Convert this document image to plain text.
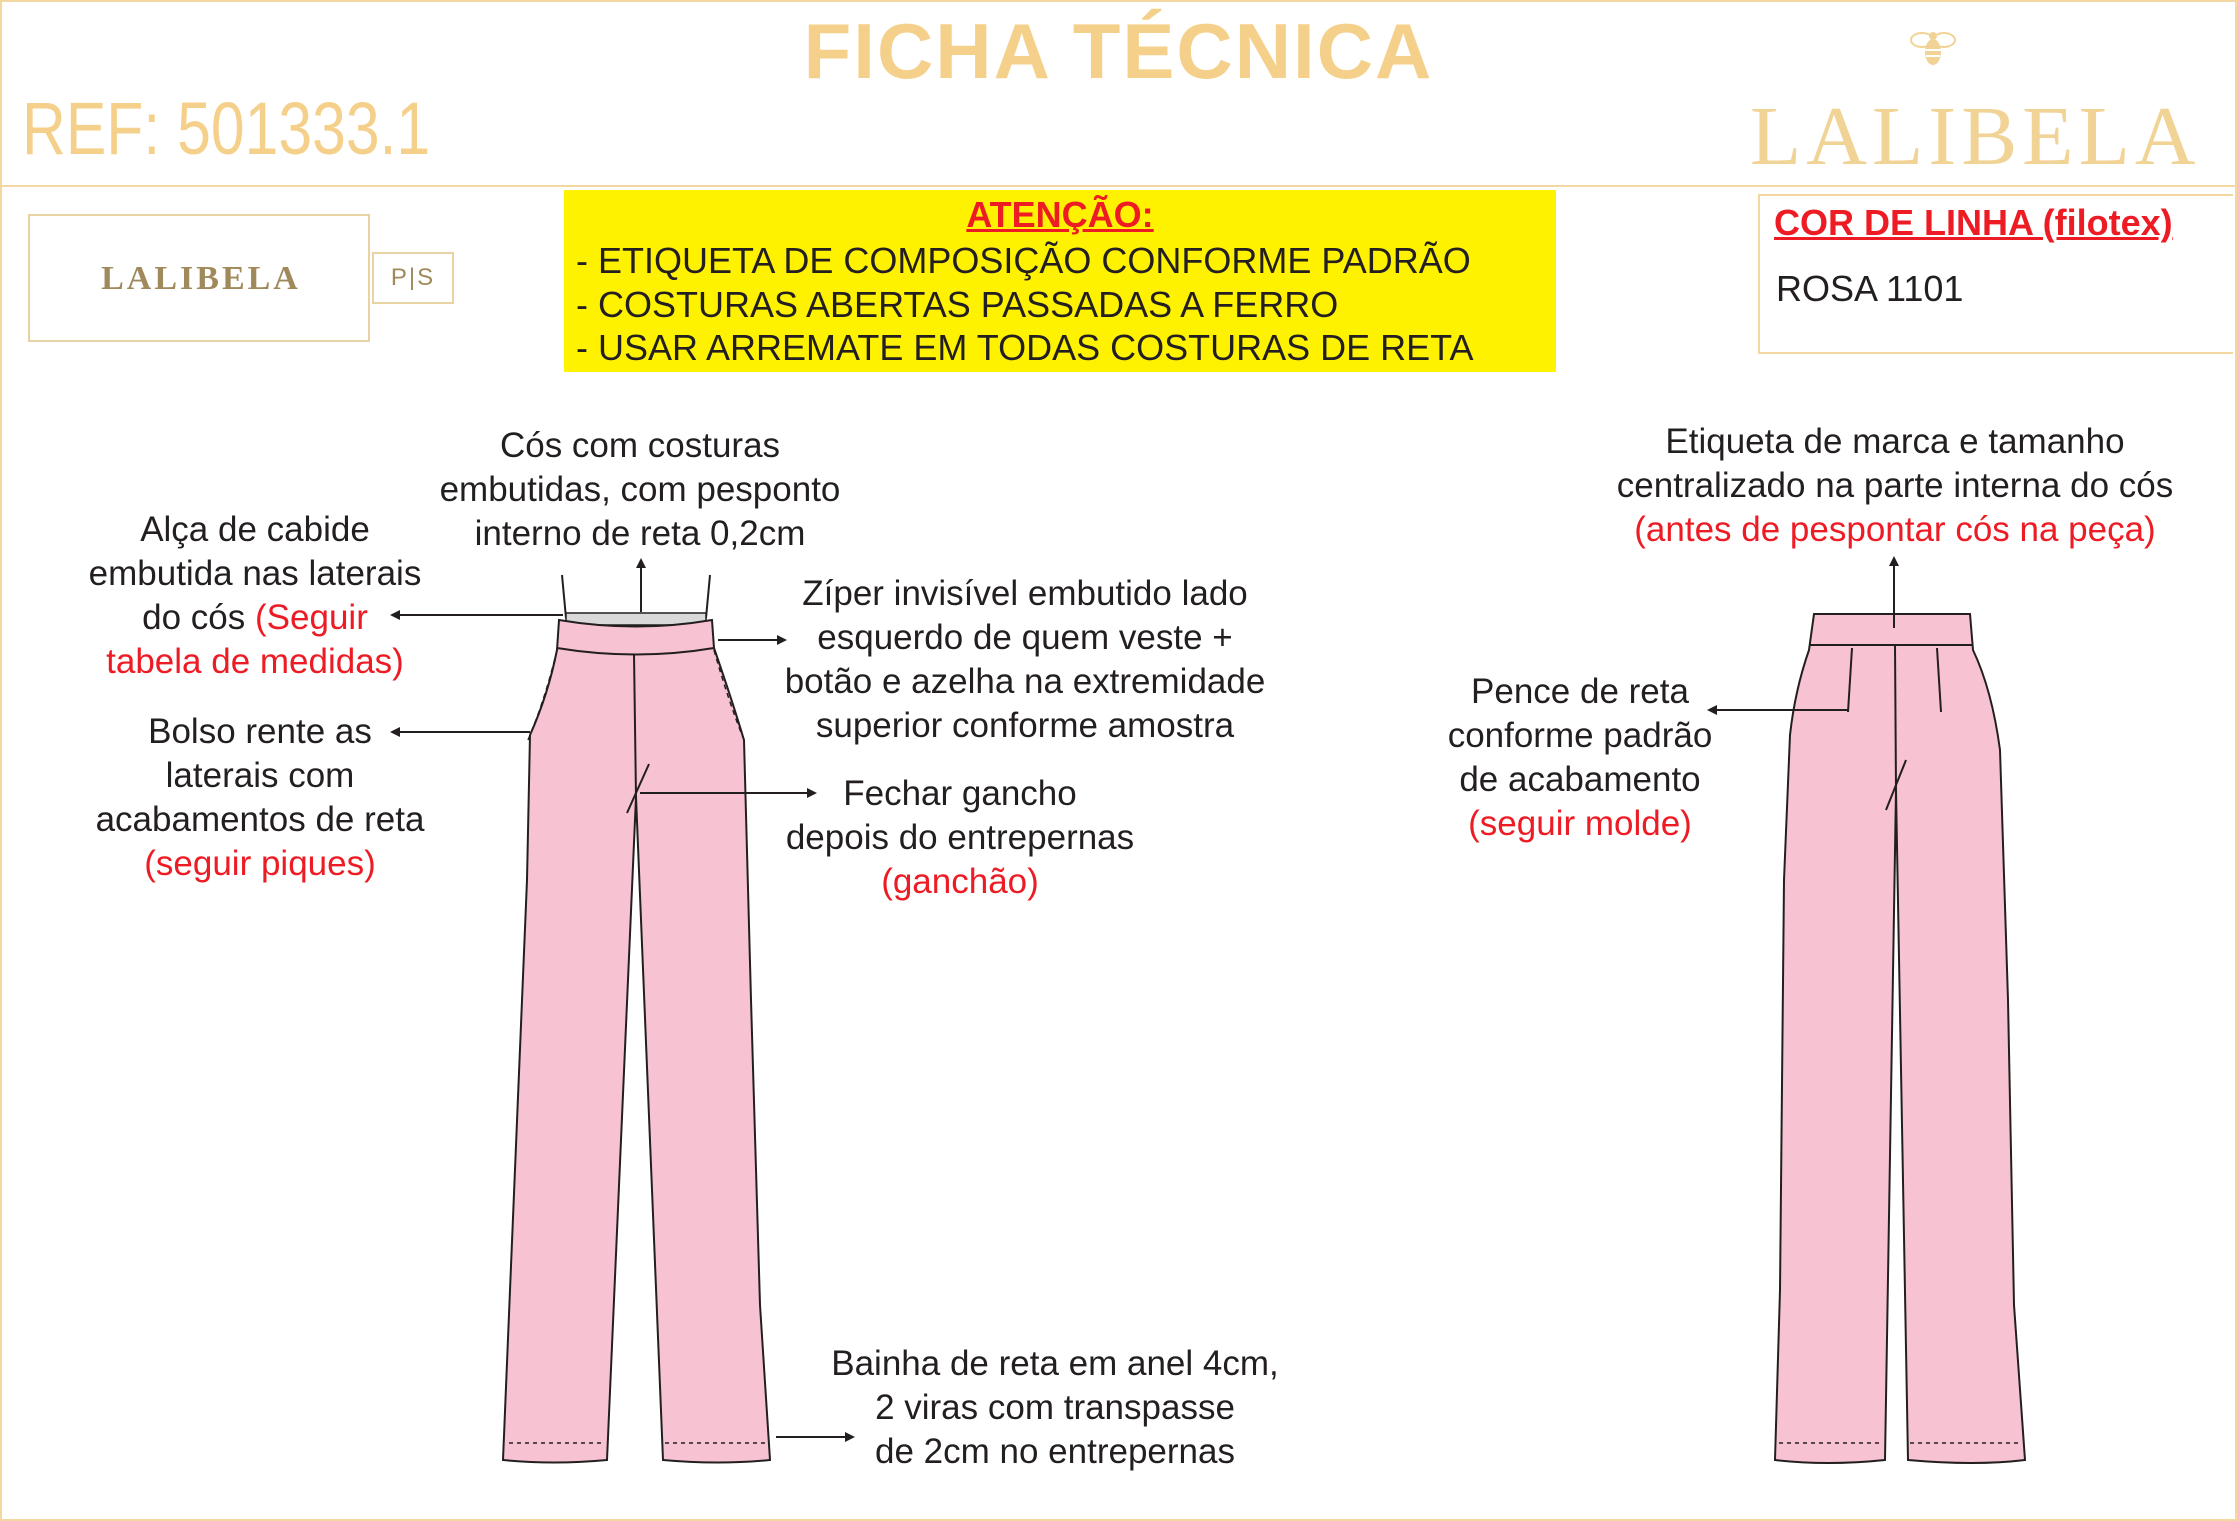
FICHA TÉCNICA
REF: 501333.1	LALIBELA
LALIBELA	P|S
ATENÇÃO:
- ETIQUETA DE COMPOSIÇÃO CONFORME PADRÃO
- COSTURAS ABERTAS PASSADAS A FERRO
- USAR ARREMATE EM TODAS COSTURAS DE RETA
COR DE LINHA (filotex)
ROSA 1101
Cós com costuras
embutidas, com pesponto
interno de reta 0,2cm
Alça de cabide
embutida nas laterais
do cós (Seguir
tabela de medidas)
Bolso rente as
laterais com
acabamentos de reta
(seguir piques)
Zíper invisível embutido lado
esquerdo de quem veste +
botão e azelha na extremidade
superior conforme amostra
Fechar gancho
depois do entrepernas
(ganchão)
Bainha de reta em anel 4cm,
2 viras com transpasse
de 2cm no entrepernas
Etiqueta de marca e tamanho
centralizado na parte interna do cós
(antes de pespontar cós na peça)
Pence de reta
conforme padrão
de acabamento
(seguir molde)
